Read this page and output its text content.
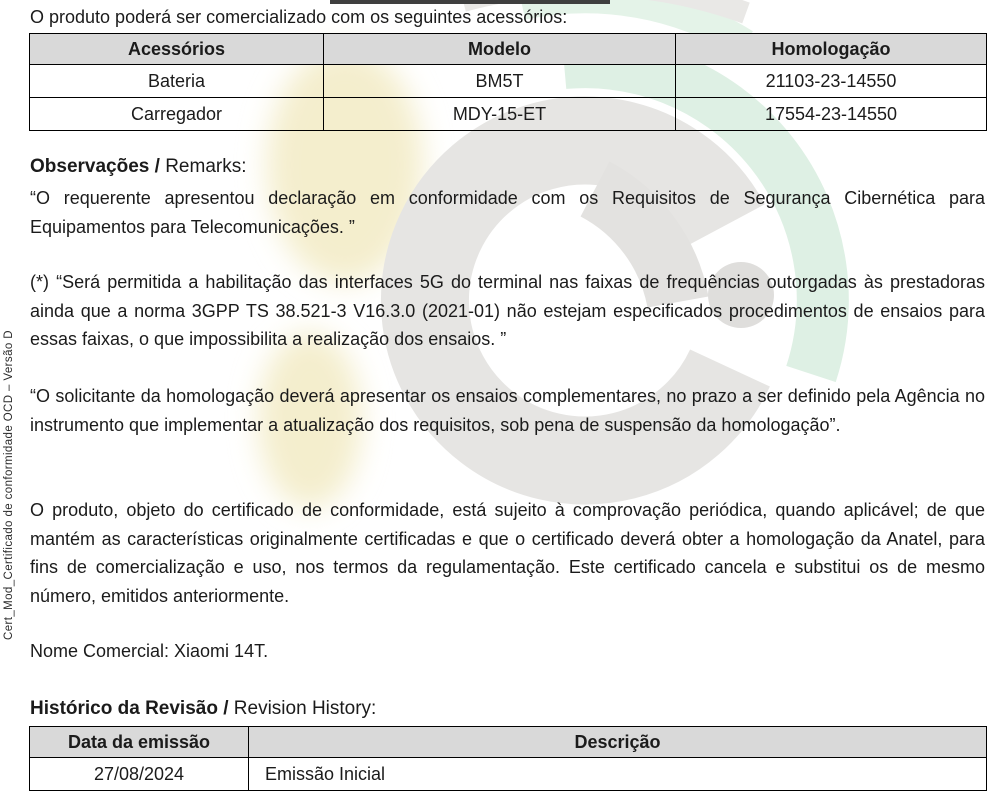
O produto poderá ser comercializado com os seguintes acessórios:
Acessórios	Modelo	Homologação
Bateria	BM5T	21103-23-14550
Carregador	MDY-15-ET	17554-23-14550
Observações / Remarks:
“O requerente apresentou declaração em conformidade com os Requisitos de Segurança Cibernética para Equipamentos para Telecomunicações. ”
(*) “Será permitida a habilitação das interfaces 5G do terminal nas faixas de frequências outorgadas às prestadoras ainda que a norma 3GPP TS 38.521-3 V16.3.0 (2021-01) não estejam especificados procedimentos de ensaios para essas faixas, o que impossibilita a realização dos ensaios. ”
“O solicitante da homologação deverá apresentar os ensaios complementares, no prazo a ser definido pela Agência no instrumento que implementar a atualização dos requisitos, sob pena de suspensão da homologação”.
O produto, objeto do certificado de conformidade, está sujeito à comprovação periódica, quando aplicável; de que mantém as características originalmente certificadas e que o certificado deverá obter a homologação da Anatel, para fins de comercialização e uso, nos termos da regulamentação. Este certificado cancela e substitui os de mesmo número, emitidos anteriormente.
Nome Comercial: Xiaomi 14T.
Histórico da Revisão / Revision History:
Data da emissão	Descrição
27/08/2024	Emissão Inicial
Cert_Mod_Certificado de conformidade OCD – Versão D
